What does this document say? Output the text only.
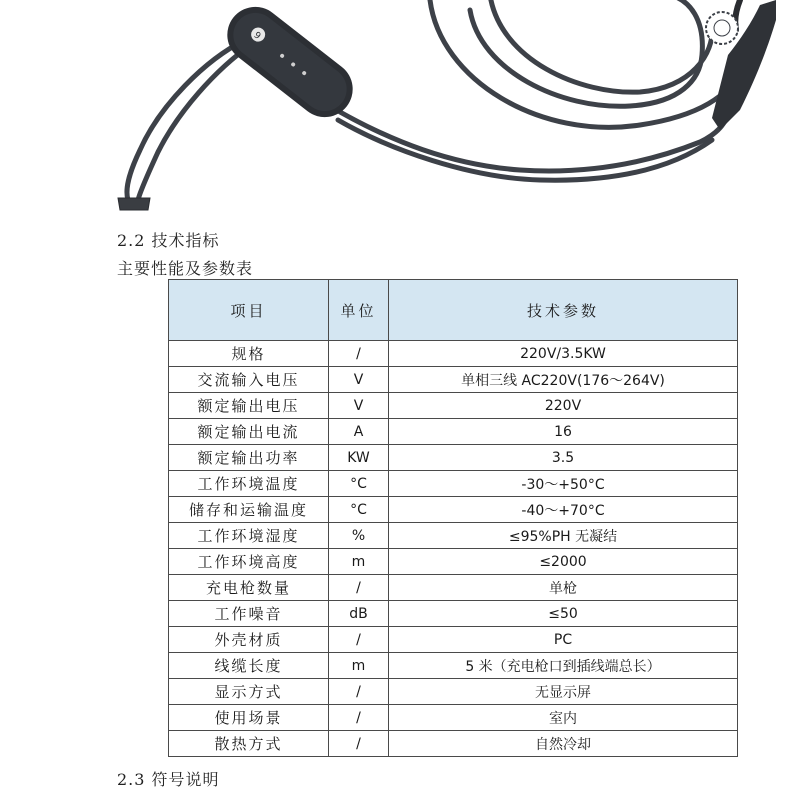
9
2.2 技术指标
主要性能及参数表
项目	单位	技术参数
规格	/	220V/3.5KW
交流输入电压	V	单相三线 AC220V(176～264V)
额定输出电压	V	220V
额定输出电流	A	16
额定输出功率	KW	3.5
工作环境温度	°C	-30～+50°C
储存和运输温度	°C	-40～+70°C
工作环境湿度	%	≤95%PH 无凝结
工作环境高度	m	≤2000
充电枪数量	/	单枪
工作噪音	dB	≤50
外壳材质	/	PC
线缆长度	m	5 米（充电枪口到插线端总长）
显示方式	/	无显示屏
使用场景	/	室内
散热方式	/	自然冷却
2.3 符号说明
